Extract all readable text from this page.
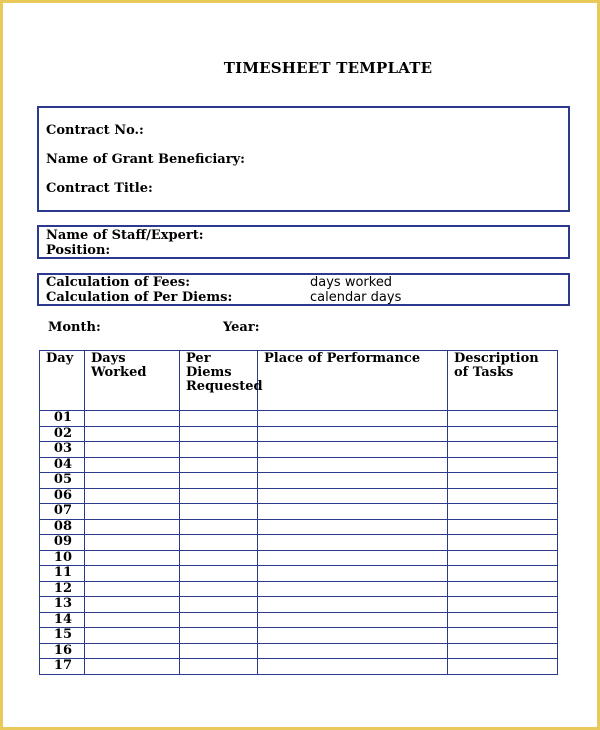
TIMESHEET TEMPLATE
Contract No.:
Name of Grant Beneficiary:
Contract Title:
Name of Staff/Expert:
Position:
Calculation of Fees:	days worked
Calculation of Per Diems:	calendar days
Month:	Year:
Day	Days Worked	Per Diems Requested	Place of Performance	Description of Tasks
01				
02				
03				
04				
05				
06				
07				
08				
09				
10				
11				
12				
13				
14				
15				
16				
17				
